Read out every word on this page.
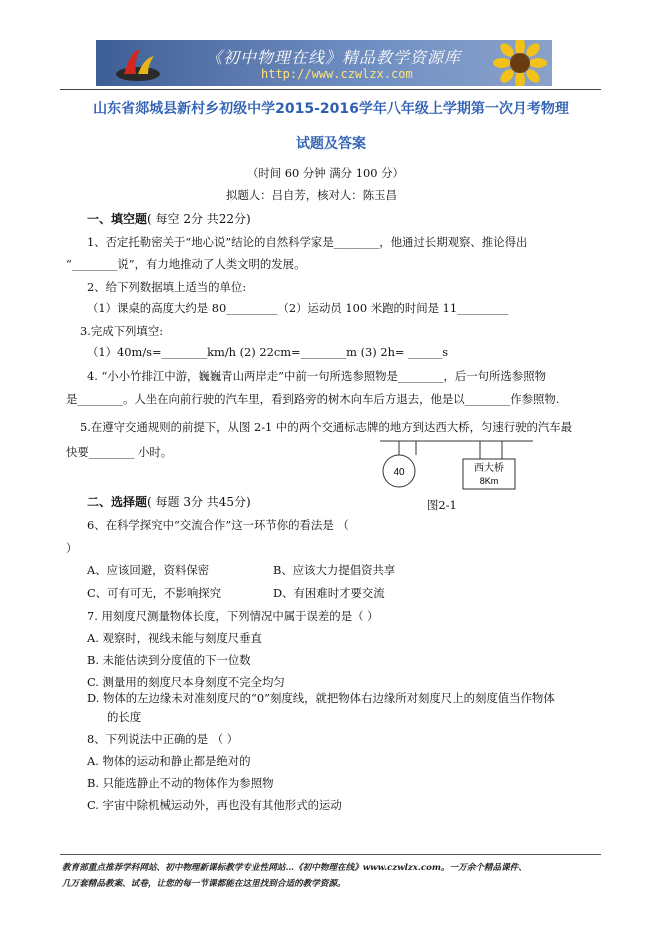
《初中物理在线》精品教学资源库
http://www.czwlzx.com
山东省郯城县新村乡初级中学2015-2016学年八年级上学期第一次月考物理
试题及答案
（时间 60 分钟 满分 100 分）
拟题人：吕自芳，核对人：陈玉昌
一、填空题( 每空 2分 共22分)
1、否定托勒密关于“地心说”结论的自然科学家是________，他通过长期观察、推论得出
“________说”，有力地推动了人类文明的发展。
2、给下列数据填上适当的单位:
（1）课桌的高度大约是 80_________（2）运动员 100 米跑的时间是 11_________
3.完成下列填空:
（1）40m/s=________km/h (2) 22cm=________m (3) 2h= ______s
4. “小小竹排江中游，巍巍青山两岸走”中前一句所选参照物是________，后一句所选参照物
是________。人坐在向前行驶的汽车里，看到路旁的树木向车后方退去，他是以________作参照物.
5.在遵守交通规则的前提下，从图 2-1 中的两个交通标志牌的地方到达西大桥，匀速行驶的汽车最
快要________ 小时。
40	西大桥
8Km
图2-1
二、选择题( 每题 3分 共45分)
6、在科学探究中“交流合作”这一环节你的看法是 （
）
A、应该回避，资料保密	B、应该大力提倡资共享
C、可有可无，不影响探究	D、有困难时才要交流
7. 用刻度尺测量物体长度，下列情况中属于误差的是（ ）
A. 观察时，视线未能与刻度尺垂直
B. 未能估读到分度值的下一位数
C. 测量用的刻度尺本身刻度不完全均匀
D. 物体的左边缘未对准刻度尺的“0”刻度线，就把物体右边缘所对刻度尺上的刻度值当作物体
的长度
8、下列说法中正确的是 （ ）
A. 物体的运动和静止都是绝对的
B. 只能选静止不动的物体作为参照物
C. 宇宙中除机械运动外，再也没有其他形式的运动
教育部重点推荐学科网站、初中物理新课标教学专业性网站…《初中物理在线》www.czwlzx.com。一万余个精品课件、
几万套精品教案、试卷，让您的每一节课都能在这里找到合适的教学资源。
